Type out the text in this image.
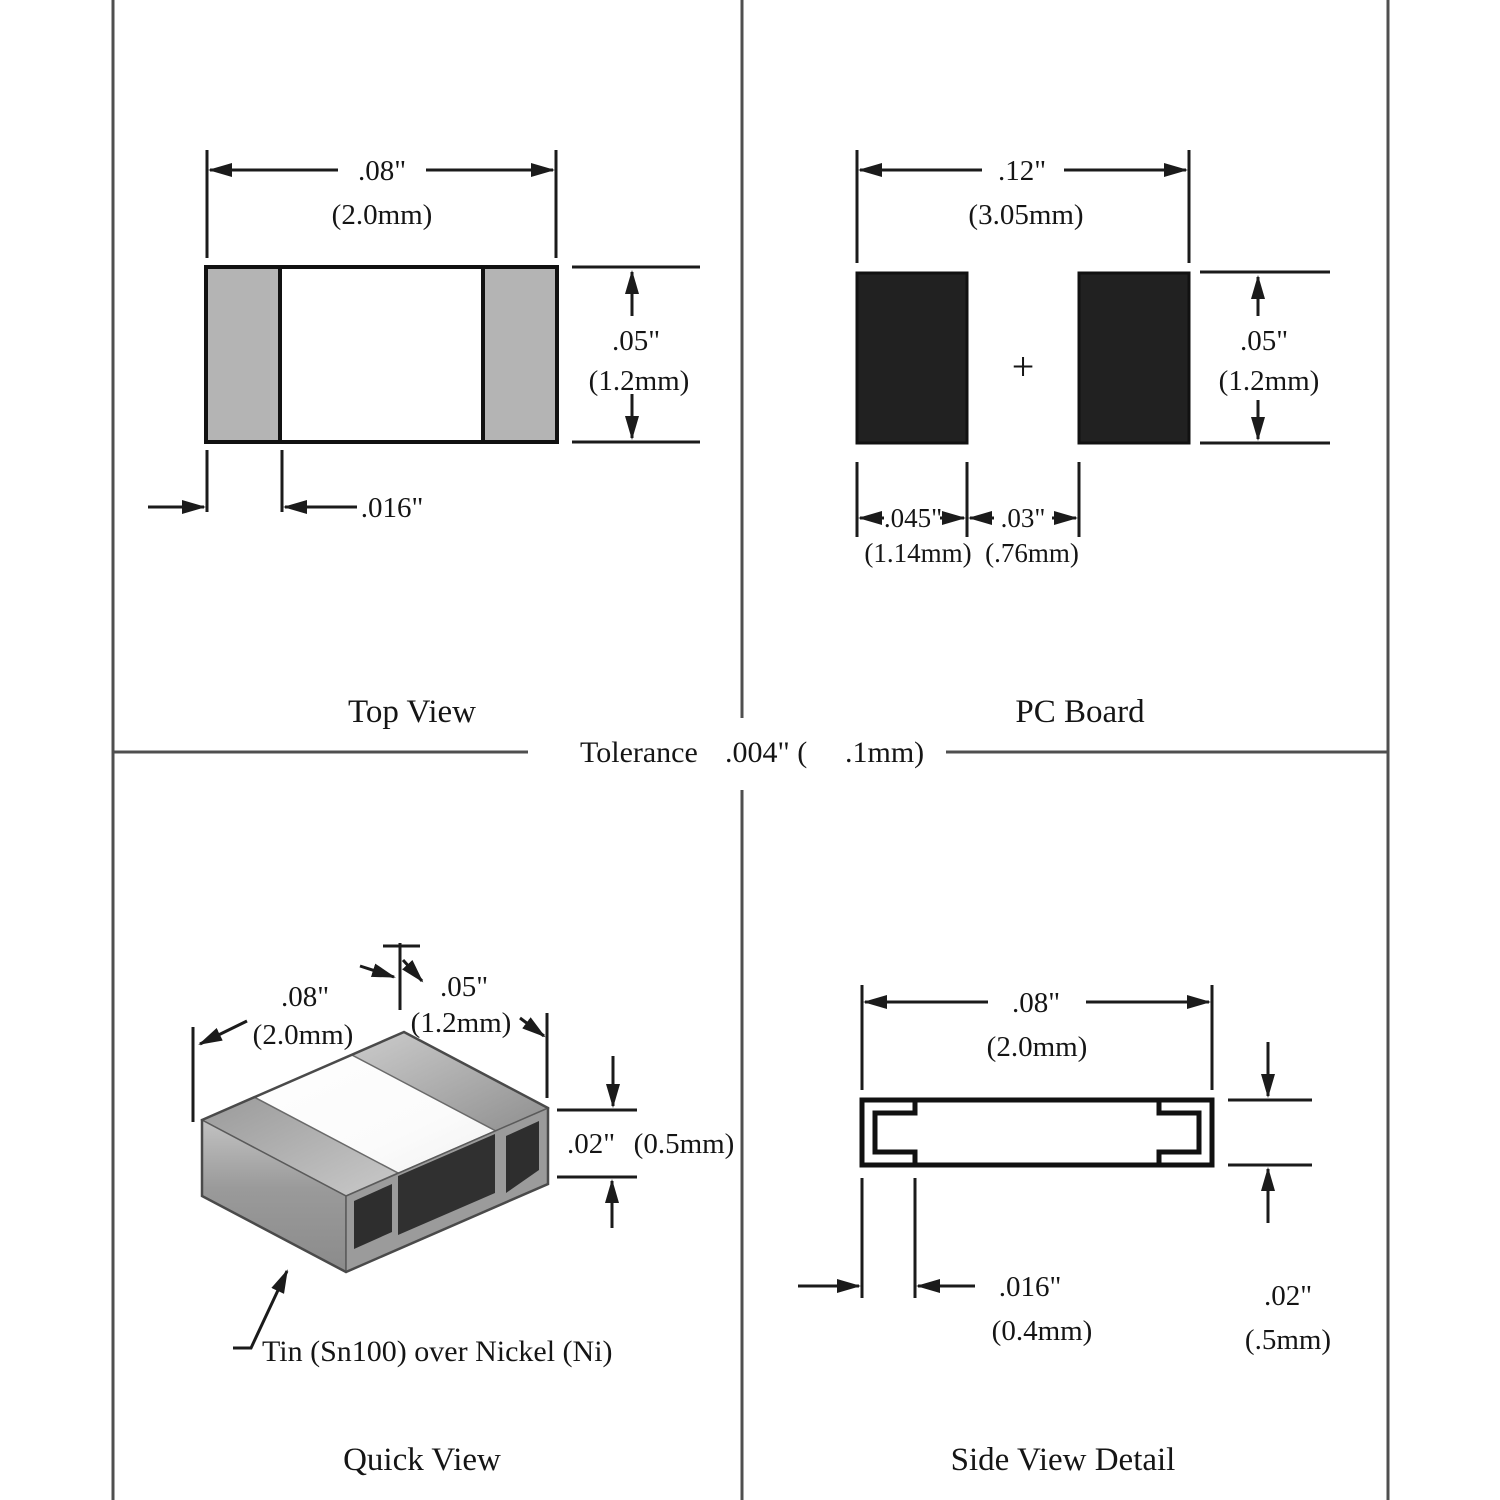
Tolerance .004" ( .1mm)
.08"
(2.0mm)
.05"
(1.2mm)
.016"
Top View
+
.12"
(3.05mm)
.05"
(1.2mm)
.045" .03"
(1.14mm) (.76mm)
PC Board
.08"
(2.0mm)
.05"
(1.2mm)
.02" (0.5mm)
Tin (Sn100) over Nickel (Ni)
Quick View
.08"
(2.0mm)
.02"
(.5mm)
.016"
(0.4mm)
Side View Detail
